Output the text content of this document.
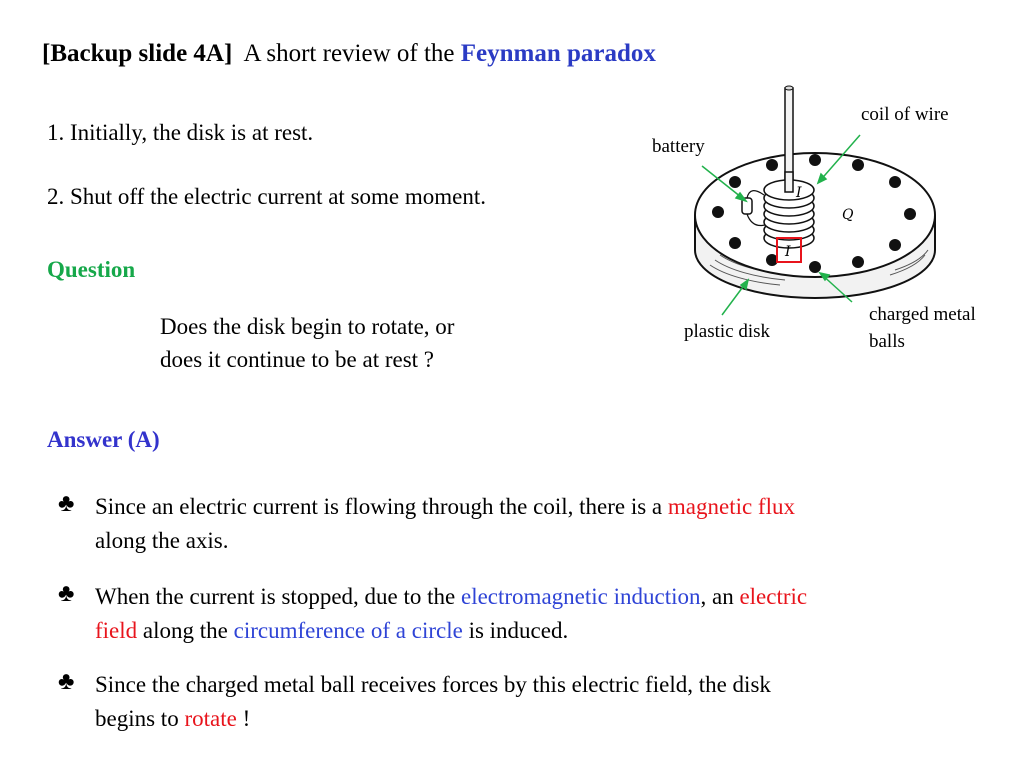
[Backup slide 4A] A short review of the Feynman paradox
1. Initially, the disk is at rest.
2. Shut off the electric current at some moment.
Question
Does the disk begin to rotate, or
does it continue to be at rest ?
Answer (A)
♣ Since an electric current is flowing through the coil, there is a magnetic flux
along the axis.
♣ When the current is stopped, due to the electromagnetic induction, an electric
field along the circumference of a circle is induced.
♣ Since the charged metal ball receives forces by this electric field, the disk
begins to rotate !
coil of wire
battery
charged metal
balls
plastic disk
I
Q
I
